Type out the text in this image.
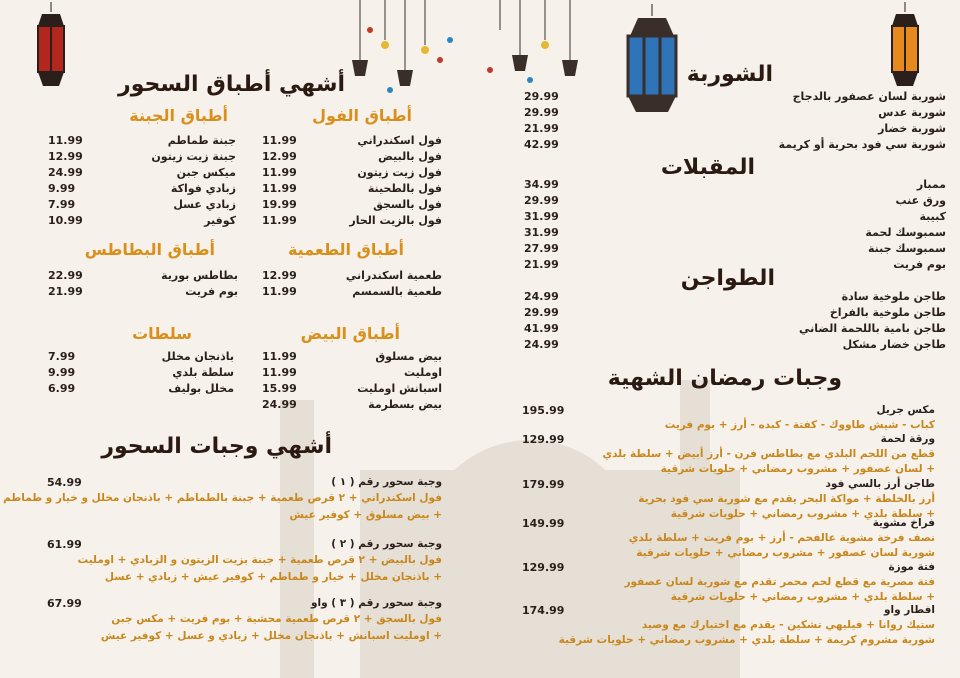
أشهي أطباق السحور
أطباق الجبنة
جبنة طماطم
11.99
جبنة زيت زيتون
12.99
ميكس جبن
24.99
زبادي فواكة
9.99
زبادي عسل
7.99
كوفير
10.99
أطباق الفول
فول اسكندراني
11.99
فول بالبيض
12.99
فول زيت زيتون
11.99
فول بالطحينة
11.99
فول بالسجق
19.99
فول بالزيت الحار
11.99
أطباق البطاطس
بطاطس بورية
22.99
بوم فريت
21.99
أطباق الطعمية
طعمية اسكندراني
12.99
طعمية بالسمسم
11.99
سلطات
باذنجان مخلل
7.99
سلطة بلدي
9.99
مخلل بوليف
6.99
أطباق البيض
بيض مسلوق
11.99
اومليت
11.99
اسبانش اومليت
15.99
بيض بسطرمة
24.99
أشهي وجبات السحور
وجبة سحور رقم ( ١ )
54.99
فول اسكندراني + ٢ قرص طعمية + جبنة بالطماطم + باذنجان مخلل و خيار و طماطم
+ بيض مسلوق + كوفير عيش
وجبة سحور رقم ( ٢ )
61.99
فول بالبيض + ٢ قرص طعمية + جبنة بزيت الزيتون و الزبادي + اومليت
+ باذنجان مخلل + خيار و طماطم + كوفير عيش + زبادي + عسل
وجبة سحور رقم ( ٣ ) واو
67.99
فول بالسجق + ٢ قرص طعمية محشية + بوم فريت + مكس جبن
+ اومليت اسبانش + باذنجان مخلل + زبادي و عسل + كوفير عيش
الشوربة
شوربة لسان عصفور بالدجاج
29.99
شوربة عدس
29.99
شوربة خضار
21.99
شوربة سي فود بحرية أو كريمة
42.99
المقبلات
ممبار
34.99
ورق عنب
29.99
كبيبة
31.99
سمبوسك لحمة
31.99
سمبوسك جبنة
27.99
بوم فريت
21.99
الطواجن
طاجن ملوخية سادة
24.99
طاجن ملوخية بالفراخ
29.99
طاجن بامية باللحمة الضاني
41.99
طاجن خضار مشكل
24.99
وجبات رمضان الشهية
مكس جريل
195.99
كباب - شيش طاووك - كفتة - كبده - أرز + بوم فريت
ورقة لحمة
129.99
قطع من اللحم البلدي مع بطاطس فرن - أرز أبيض + سلطة بلدي
+ لسان عصفور + مشروب رمضاني + حلويات شرقية
طاجن أرز بالسي فود
179.99
أرز بالخلطة + مواكة البحر يقدم مع شوربة سي فود بحرية
+ سلطة بلدي + مشروب رمضاني + حلويات شرقية
فراخ مشوية
149.99
نصف فرخة مشوية عالفحم - أرز + بوم فريت + سلطة بلدي
شوربة لسان عصفور + مشروب رمضاني + حلويات شرقية
فتة موزة
129.99
فتة مصرية مع قطع لحم محمر تقدم مع شوربة لسان عصفور
+ سلطة بلدي + مشروب رمضاني + حلويات شرقية
افطار واو
174.99
ستيك روانا + فيليهي تشكين - يقدم مع اختيارك مع وصيد
شوربة مشروم كريمة + سلطة بلدي + مشروب رمضاني + حلويات شرقية
